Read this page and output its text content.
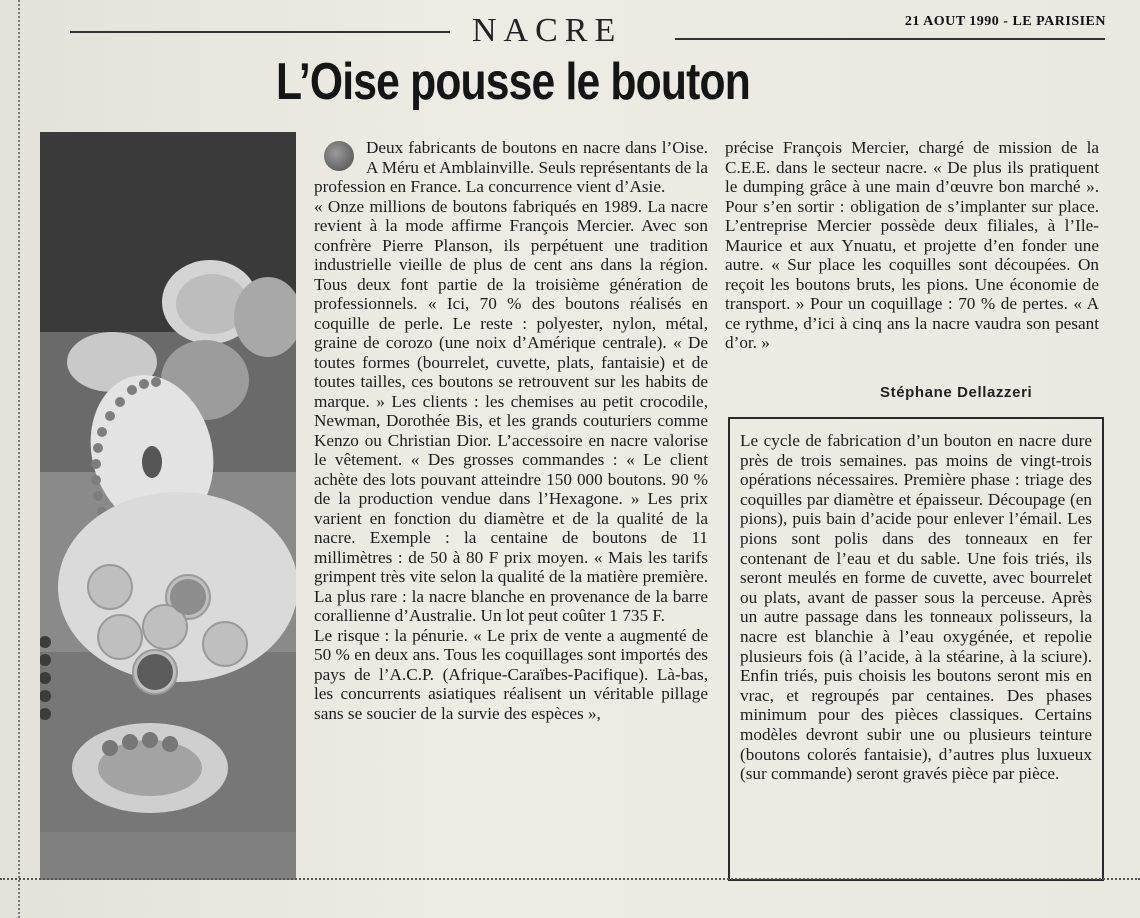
21 AOUT 1990 - LE PARISIEN
NACRE
L’Oise pousse le bouton

Deux fabricants de boutons en nacre dans l’Oise. A Méru et Amblainville. Seuls représentants de la profession en France. La concurrence vient d’Asie.

« Onze millions de boutons fabriqués en 1989. La nacre revient à la mode affirme François Mercier. Avec son confrère Pierre Planson, ils perpétuent une tradition industrielle vieille de plus de cent ans dans la région. Tous deux font partie de la troisième génération de professionnels. « Ici, 70 % des boutons réalisés en coquille de perle. Le reste : polyester, nylon, métal, graine de corozo (une noix d’Amérique centrale). « De toutes formes (bourrelet, cuvette, plats, fantaisie) et de toutes tailles, ces boutons se retrouvent sur les habits de marque. » Les clients : les chemises au petit crocodile, Newman, Dorothée Bis, et les grands couturiers comme Kenzo ou Christian Dior. L’accessoire en nacre valorise le vêtement. « Des grosses commandes : « Le client achète des lots pouvant atteindre 150 000 boutons. 90 % de la production vendue dans l’Hexagone. » Les prix varient en fonction du diamètre et de la qualité de la nacre. Exemple : la centaine de boutons de 11 millimètres : de 50 à 80 F prix moyen. « Mais les tarifs grimpent très vite selon la qualité de la matière première. La plus rare : la nacre blanche en provenance de la barre corallienne d’Australie. Un lot peut coûter 1 735 F.

Le risque : la pénurie. « Le prix de vente a augmenté de 50 % en deux ans. Tous les coquillages sont importés des pays de l’A.C.P. (Afrique-Caraïbes-Pacifique). Là-bas, les concurrents asiatiques réalisent un véritable pillage sans se soucier de la survie des espèces »,

précise François Mercier, chargé de mission de la C.E.E. dans le secteur nacre. « De plus ils pratiquent le dumping grâce à une main d’œuvre bon marché ». Pour s’en sortir : obligation de s’implanter sur place. L’entreprise Mercier possède deux filiales, à l’Ile-Maurice et aux Ynuatu, et projette d’en fonder une autre. « Sur place les coquilles sont découpées. On reçoit les boutons bruts, les pions. Une économie de transport. » Pour un coquillage : 70 % de pertes. « A ce rythme, d’ici à cinq ans la nacre vaudra son pesant d’or. »

Stéphane Dellazzeri
Le cycle de fabrication d’un bouton en nacre dure près de trois semaines. pas moins de vingt-trois opérations nécessaires. Première phase : triage des coquilles par diamètre et épaisseur. Découpage (en pions), puis bain d’acide pour enlever l’émail. Les pions sont polis dans des tonneaux en fer contenant de l’eau et du sable. Une fois triés, ils seront meulés en forme de cuvette, avec bourrelet ou plats, avant de passer sous la perceuse. Après un autre passage dans les tonneaux polisseurs, la nacre est blanchie à l’eau oxygénée, et repolie plusieurs fois (à l’acide, à la stéarine, à la sciure). Enfin triés, puis choisis les boutons seront mis en vrac, et regroupés par centaines. Des phases minimum pour des pièces classiques. Certains modèles devront subir une ou plusieurs teinture (boutons colorés fantaisie), d’autres plus luxueux (sur commande) seront gravés pièce par pièce.
